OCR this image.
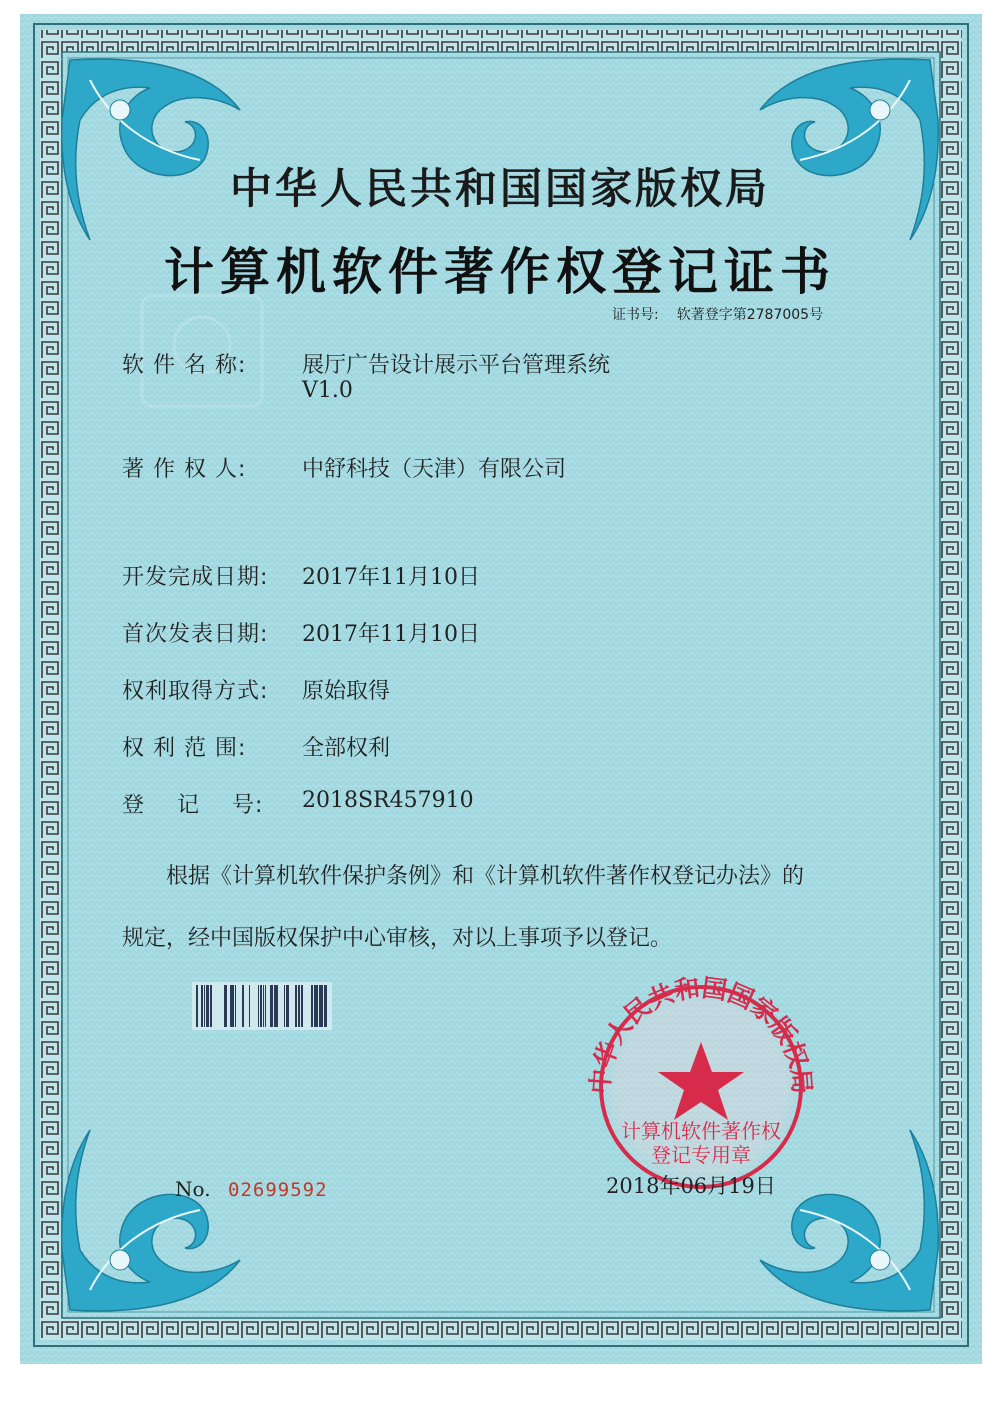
中华人民共和国国家版权局
计算机软件著作权
登记专用章
中华人民共和国国家版权局
计算机软件著作权登记证书
证书号: 软著登字第2787005号
软 件 名 称:	展厅广告设计展示平台管理系统
V1.0
著 作 权 人:	中舒科技（天津）有限公司
开发完成日期: 2017年11月10日
首次发表日期: 2017年11月10日
权利取得方式: 原始取得
权 利 范 围:	全部权利
登    记    号: 2018SR457910
根据《计算机软件保护条例》和《计算机软件著作权登记办法》的
规定，经中国版权保护中心审核，对以上事项予以登记。
No. 02699592	2018年06月19日
